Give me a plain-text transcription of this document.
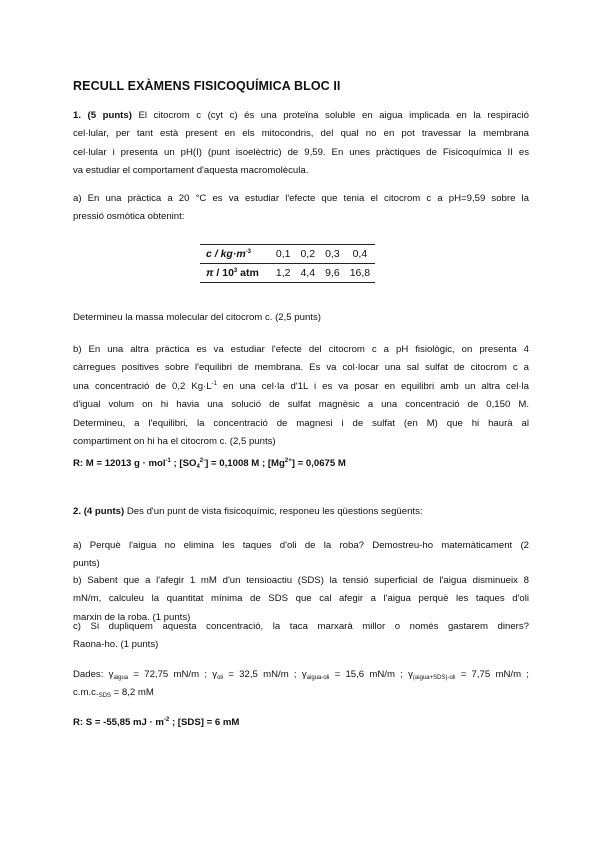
RECULL EXÀMENS FISICOQUÍMICA BLOC II
1. (5 punts) El citocrom c (cyt c) és una proteïna soluble en aigua implicada en la respiració
cel·lular, per tant està present en els mitocondris, del qual no en pot travessar la membrana
cel·lular i presenta un pH(I) (punt isoelèctric) de 9,59. En unes pràctiques de Fisicoquímica II es
va estudiar el comportament d'aquesta macromolècula.
a) En una pràctica a 20 °C es va estudiar l'efecte que tenia el citocrom c a pH=9,59 sobre la
pressió osmòtica obtenint:
$c / kg\cdot m^{-3}$	0,1	0,2	0,3	0,4
π / $10^3$ atm	1,2	4,4	9,6	16,8
Determineu la massa molecular del citocrom c. (2,5 punts)
b) En una altra pràctica es va estudiar l'efecte del citocrom c a pH fisiològic, on presenta 4
càrregues positives sobre l'equilibri de membrana. Es va col·locar una sal sulfat de citocrom c a
una concentració de 0,2 $Kg\cdot L^{-1}$ en una cel·la d'1L i es va posar en equilibri amb un altra cel·la
d'igual volum on hi havia una solució de sulfat magnèsic a una concentració de 0,150 M.
Determineu, a l'equilibri, la concentració de magnesi i de sulfat (en M) que hi haurà al
compartiment on hi ha el citocrom c. (2,5 punts)
R: M = 12013 g · mol$^{-1}$ ; $[SO_4^{2-}] = 0,1008$ M ; $[Mg^{2+}] = 0,0675$ M
2. (4 punts) Des d'un punt de vista fisicoquímic, responeu les qüestions següents:
a) Perquè l'aigua no elimina les taques d'oli de la roba? Demostreu-ho matemàticament (2
punts)
b) Sabent que a l'afegir 1 mM d'un tensioactiu (SDS) la tensió superficial de l'aigua disminueix 8
mN/m, calculeu la quantitat mínima de SDS que cal afegir a l'aigua perquè les taques d'oli
marxin de la roba. (1 punts)
c) Si dupliquem aquesta concentració, la taca marxarà millor o només gastarem diners?
Raona-ho. (1 punts)
Dades: $\gamma_{aigua} = 72,75$ mN/m ; $\gamma_{oli} = 32,5$ mN/m ; $\gamma_{aigua-oli} = 15,6$ mN/m ; $\gamma_{(aigua+SDS)-oli} = 7,75$ mN/m ;
$c.m.c._{SDS} = 8,2$ mM
R: S = -55,85 mJ · $m^{-2}$ ; [SDS] = 6 mM
